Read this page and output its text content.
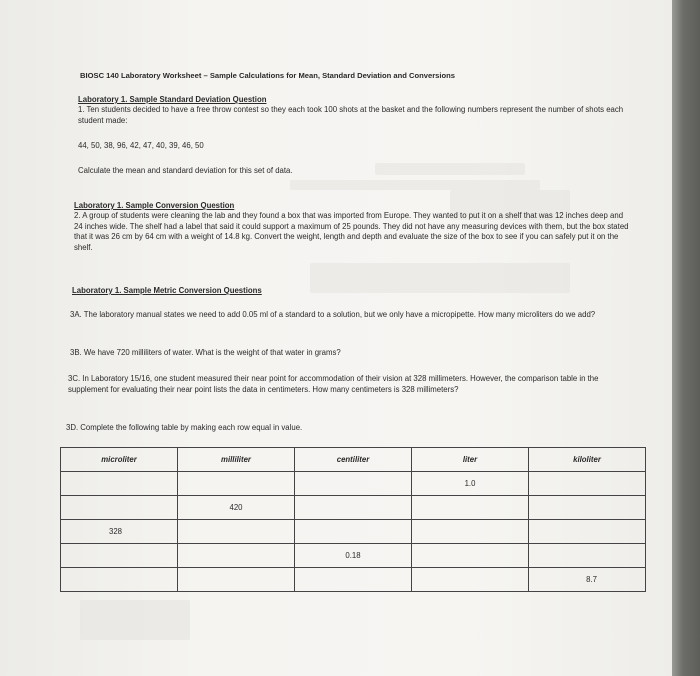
BIOSC 140 Laboratory Worksheet – Sample Calculations for Mean, Standard Deviation and Conversions
Laboratory 1. Sample Standard Deviation Question
1. Ten students decided to have a free throw contest so they each took 100 shots at the basket and the following numbers represent the number of shots each student made:
44, 50, 38, 96, 42, 47, 40, 39, 46, 50
Calculate the mean and standard deviation for this set of data.
Laboratory 1. Sample Conversion Question
2. A group of students were cleaning the lab and they found a box that was imported from Europe. They wanted to put it on a shelf that was 12 inches deep and 24 inches wide. The shelf had a label that said it could support a maximum of 25 pounds. They did not have any measuring devices with them, but the box stated that it was 26 cm by 64 cm with a weight of 14.8 kg. Convert the weight, length and depth and evaluate the size of the box to see if you can safely put it on the shelf.
Laboratory 1. Sample Metric Conversion Questions
3A. The laboratory manual states we need to add 0.05 ml of a standard to a solution, but we only have a micropipette. How many microliters do we add?
3B. We have 720 milliliters of water. What is the weight of that water in grams?
3C. In Laboratory 15/16, one student measured their near point for accommodation of their vision at 328 millimeters. However, the comparison table in the supplement for evaluating their near point lists the data in centimeters. How many centimeters is 328 millimeters?
3D. Complete the following table by making each row equal in value.
microliter	milliliter	centiliter	liter	kiloliter
			1.0	
	420			
328				
		0.18		
				8.7
